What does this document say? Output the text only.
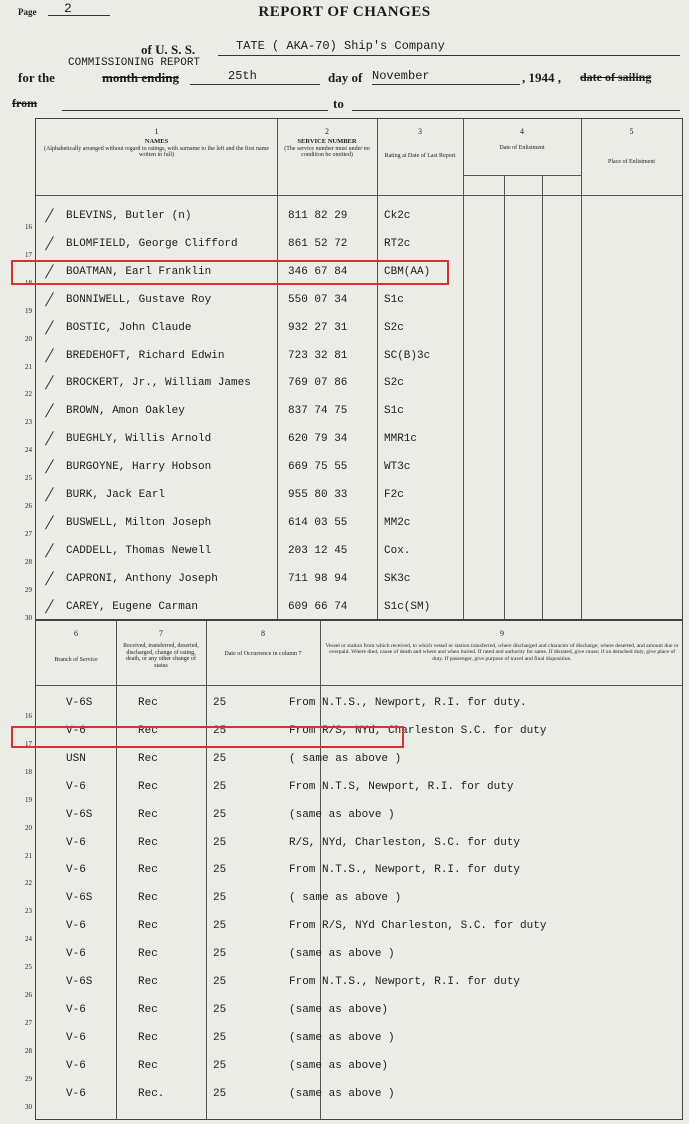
Page 2	REPORT OF CHANGES
of U. S. S.	TATE ( AKA-70) Ship's Company
COMMISSIONING REPORT
for the	month ending	25th	day of November	, 1944 , date of sailing
from	to
1
NAMES
(Alphabetically arranged without regard to ratings, with surname to the left and the first name written in full)
2
SERVICE NUMBER
(The service number must under no condition be omitted)
3
Rating at Date of Last Report
4
Date of Enlistment
5
Place of Enlistment
16
BLEVINS, Butler (n)	811 82 29	Ck2c
17
BLOMFIELD, George Clifford	861 52 72	RT2c
18
BOATMAN, Earl Franklin	346 67 84	CBM(AA)
19
BONNIWELL, Gustave Roy	550 07 34	S1c
20
BOSTIC, John Claude	932 27 31	S2c
21
BREDEHOFT, Richard Edwin	723 32 81	SC(B)3c
22
BROCKERT, Jr., William James	769 07 86	S2c
23
BROWN, Amon Oakley	837 74 75	S1c
24
BUEGHLY, Willis Arnold	620 79 34	MMR1c
25
BURGOYNE, Harry Hobson	669 75 55	WT3c
26
BURK, Jack Earl	955 80 33	F2c
27
BUSWELL, Milton Joseph	614 03 55	MM2c
28
CADDELL, Thomas Newell	203 12 45	Cox.
29
CAPRONI, Anthony Joseph	711 98 94	SK3c
30
CAREY, Eugene Carman	609 66 74	S1c(SM)
6
Branch of Service
7
Received, transferred, deserted, discharged, change of rating, death, or any other change of status
8
Date of Occurrence in column 7
9
Vessel or station from which received, to which vessel or station transferred, where discharged and character of discharge; where deserted, and amount due or overpaid. Where died, cause of death and where and when buried. If rated and authority for same. If disrated, give cause; if on detached duty, give place of duty. If passenger, give purpose of travel and final disposition.
16
V-6S	Rec	25	From N.T.S., Newport, R.I. for duty.
17
V-6	Rec	25	From R/S, NYd, Charleston S.C. for duty
18
USN	Rec	25	( same as above )
19
V-6	Rec	25	From N.T.S, Newport, R.I. for duty
20
V-6S	Rec	25	(same as above )
21
V-6	Rec	25	R/S, NYd, Charleston, S.C. for duty
22
V-6	Rec	25	From N.T.S., Newport, R.I. for duty
23
V-6S	Rec	25	( same as above )
24
V-6	Rec	25	From R/S, NYd Charleston, S.C. for duty
25
V-6	Rec	25	(same as above )
26
V-6S	Rec	25	From N.T.S., Newport, R.I. for duty
27
V-6	Rec	25	(same as above)
28
V-6	Rec	25	(same as above )
29
V-6	Rec	25	(same as above)
30
V-6	Rec.	25	(same as above )
